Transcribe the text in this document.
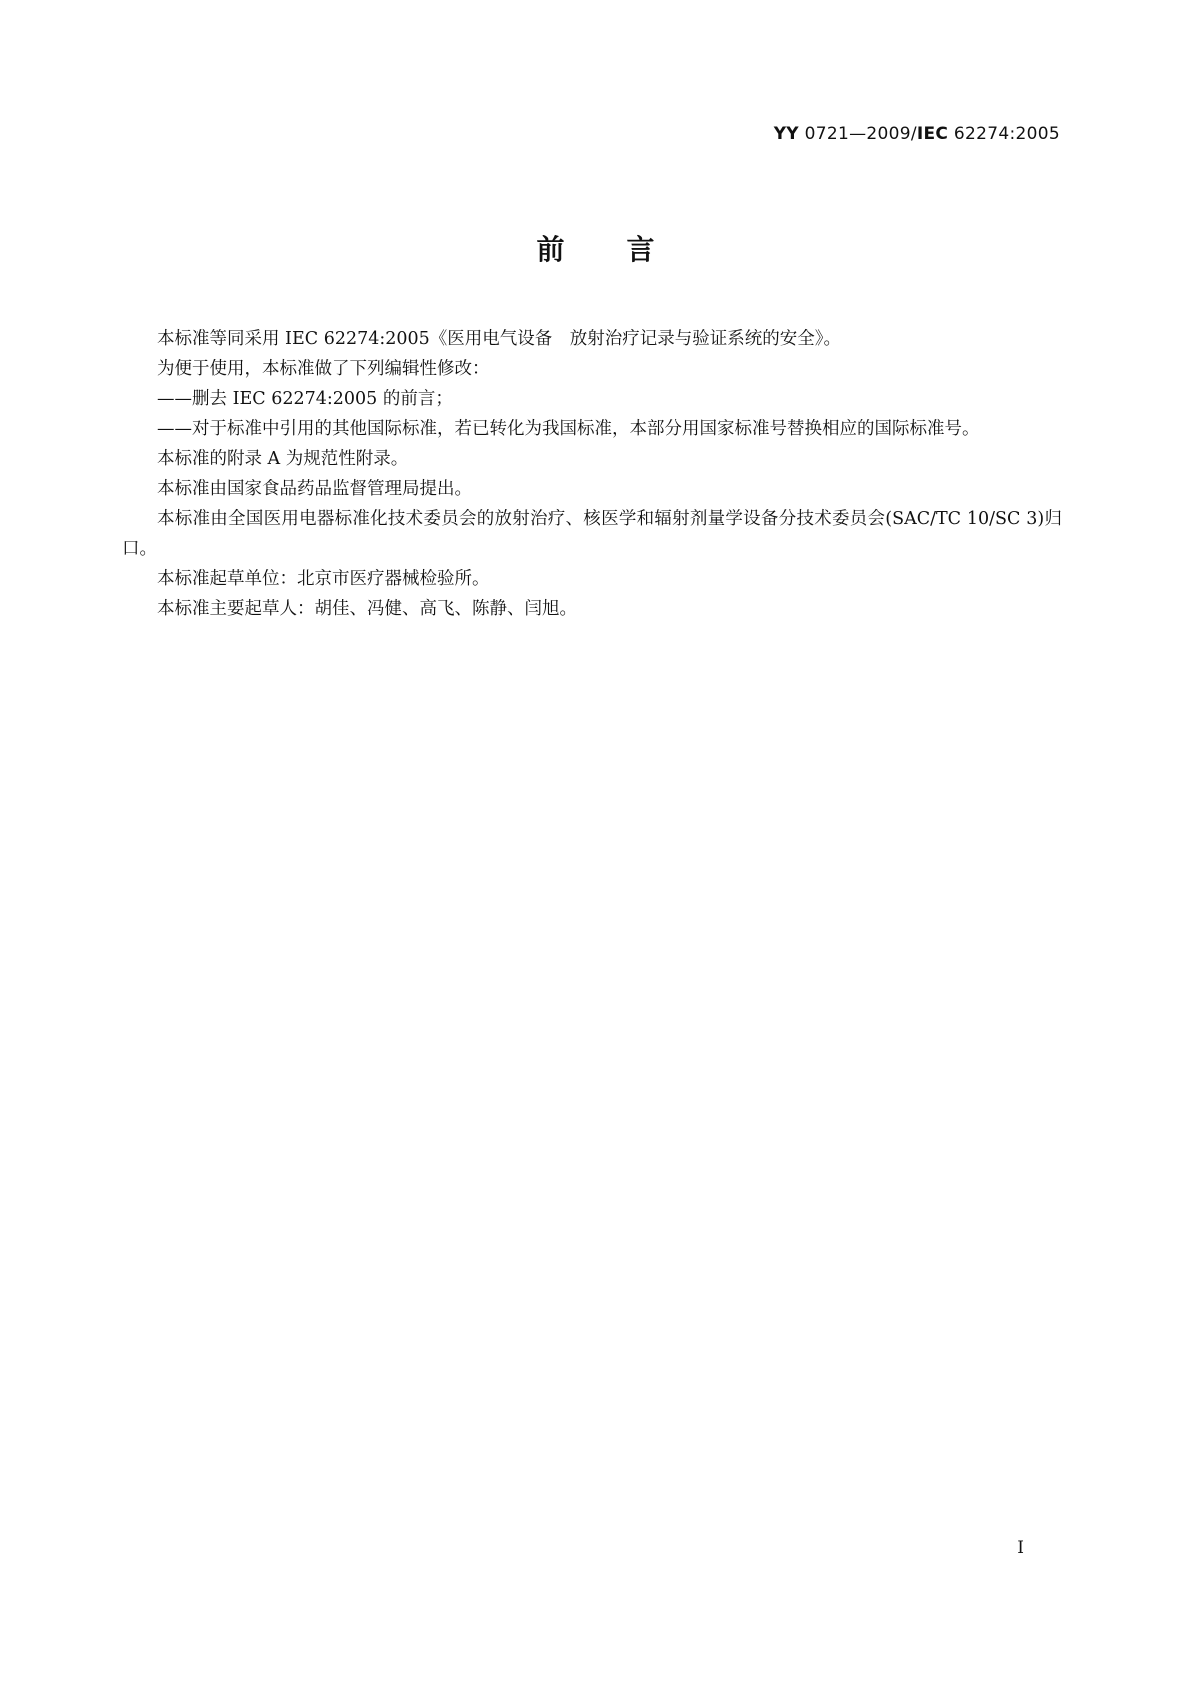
YY 0721—2009/IEC 62274:2005
前言

本标准等同采用 IEC 62274:2005《医用电气设备　放射治疗记录与验证系统的安全》。

为便于使用，本标准做了下列编辑性修改：

——删去 IEC 62274:2005 的前言；

——对于标准中引用的其他国际标准，若已转化为我国标准，本部分用国家标准号替换相应的国际标准号。

本标准的附录 A 为规范性附录。

本标准由国家食品药品监督管理局提出。

本标准由全国医用电器标准化技术委员会的放射治疗、核医学和辐射剂量学设备分技术委员会(SAC/TC 10/SC 3)归口。

本标准起草单位：北京市医疗器械检验所。

本标准主要起草人：胡佳、冯健、高飞、陈静、闫旭。

I
